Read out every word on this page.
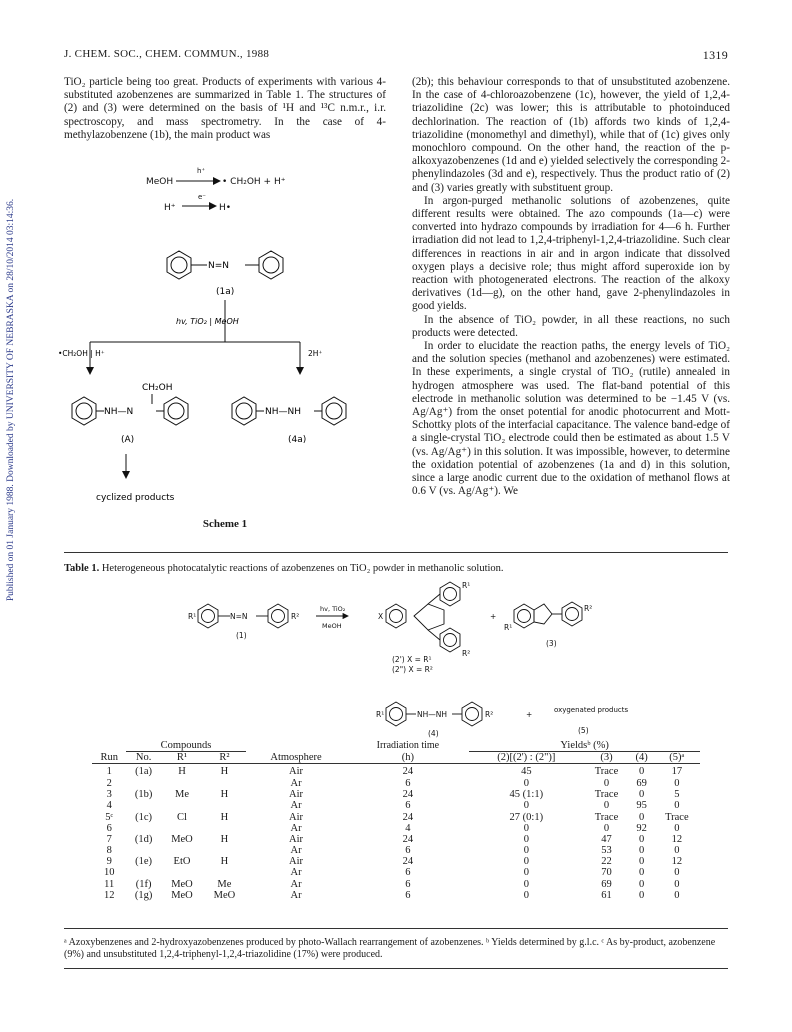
Published on 01 January 1988. Downloaded by UNIVERSITY OF NEBRASKA on 28/10/2014 03:14:36.
J. CHEM. SOC., CHEM. COMMUN., 1988	1319

TiO₂ particle being too great. Products of experiments with various 4-substituted azobenzenes are summarized in Table 1. The structures of (2) and (3) were determined on the basis of ¹H and ¹³C n.m.r., i.r. spectroscopy, and mass spectrometry. In the case of 4-methylazobenzene (1b), the main product was

(2b); this behaviour corresponds to that of unsubstituted azobenzene. In the case of 4-chloroazobenzene (1c), however, the yield of 1,2,4-triazolidine (2c) was lower; this is attributable to photoinduced dechlorination. The reaction of (1b) affords two kinds of 1,2,4-triazolidine (monomethyl and dimethyl), while that of (1c) gives only monochloro compound. On the other hand, the reaction of the p-alkoxyazobenzenes (1d and e) yielded selectively the corresponding 2-phenylindazoles (3d and e), respectively. Thus the product ratio of (2) and (3) varies greatly with substituent group.

In argon-purged methanolic solutions of azobenzenes, quite different results were obtained. The azo compounds (1a—c) were converted into hydrazo compounds by irradiation for 4—6 h. Further irradiation did not lead to 1,2,4-triphenyl-1,2,4-triazolidine. Such clear differences in reactions in air and in argon indicate that dissolved oxygen plays a decisive role; thus might afford superoxide ion by reaction with photogenerated electrons. The reaction of the alkoxy derivatives (1d—g), on the other hand, gave 2-phenylindazoles in good yields.

In the absence of TiO₂ powder, in all these reactions, no such products were detected.

In order to elucidate the reaction paths, the energy levels of TiO₂ and the solution species (methanol and azobenzenes) were estimated. In these experiments, a single crystal of TiO₂ (rutile) annealed in hydrogen atmosphere was used. The flat-band potential of this electrode in methanolic solution was determined to be −1.45 V (vs. Ag/Ag⁺) from the onset potential for anodic photocurrent and Mott-Schottky plots of the interfacial capacitance. The valence band-edge of a single-crystal TiO₂ electrode could then be estimated as about 1.5 V (vs. Ag/Ag⁺) in this solution. It was impossible, however, to determine the oxidation potential of azobenzenes (1a and d) in this solution, since a large anodic current due to the oxidation of methanol flows at 0.6 V (vs. Ag/Ag⁺). We

MeOH
h⁺
• CH₂OH + H⁺
H⁺
e⁻
H•
N=N
(1a)
hv, TiO₂ | MeOH
•CH₂OH | H⁺	2H⁺
CH₂OH
NH—N
(A)
NH—NH
(4a)
cyclized products
Scheme 1
Table 1. Heterogeneous photocatalytic reactions of azobenzenes on TiO₂ powder in methanolic solution.
R¹	N=N	R²
(1)
hv, TiO₂
MeOH
X
R¹
R²
(2') X = R¹
(2") X = R²
+
R¹
R²
(3)
R¹	NH—NH	R²
(4)
+	oxygenated products
(5)
	Compounds				Irradiation time	Yieldsᵇ (%)			
Run	No.	R¹	R²	Atmosphere	(h)	(2)[(2') : (2")]	(3)	(4)	(5)ᵃ
1	(1a)	H	H	Air	24	45	Trace	0	17
2				Ar	6	0	0	69	0
3	(1b)	Me	H	Air	24	45 (1:1)	Trace	0	5
4				Ar	6	0	0	95	0
5ᶜ	(1c)	Cl	H	Air	24	27 (0:1)	Trace	0	Trace
6				Ar	4	0	0	92	0
7	(1d)	MeO	H	Air	24	0	47	0	12
8				Ar	6	0	53	0	0
9	(1e)	EtO	H	Air	24	0	22	0	12
10				Ar	6	0	70	0	0
11	(1f)	MeO	Me	Ar	6	0	69	0	0
12	(1g)	MeO	MeO	Ar	6	0	61	0	0
ᵃ Azoxybenzenes and 2-hydroxyazobenzenes produced by photo-Wallach rearrangement of azobenzenes. ᵇ Yields determined by g.l.c. ᶜ As by-product, azobenzene (9%) and unsubstituted 1,2,4-triphenyl-1,2,4-triazolidine (17%) were produced.
